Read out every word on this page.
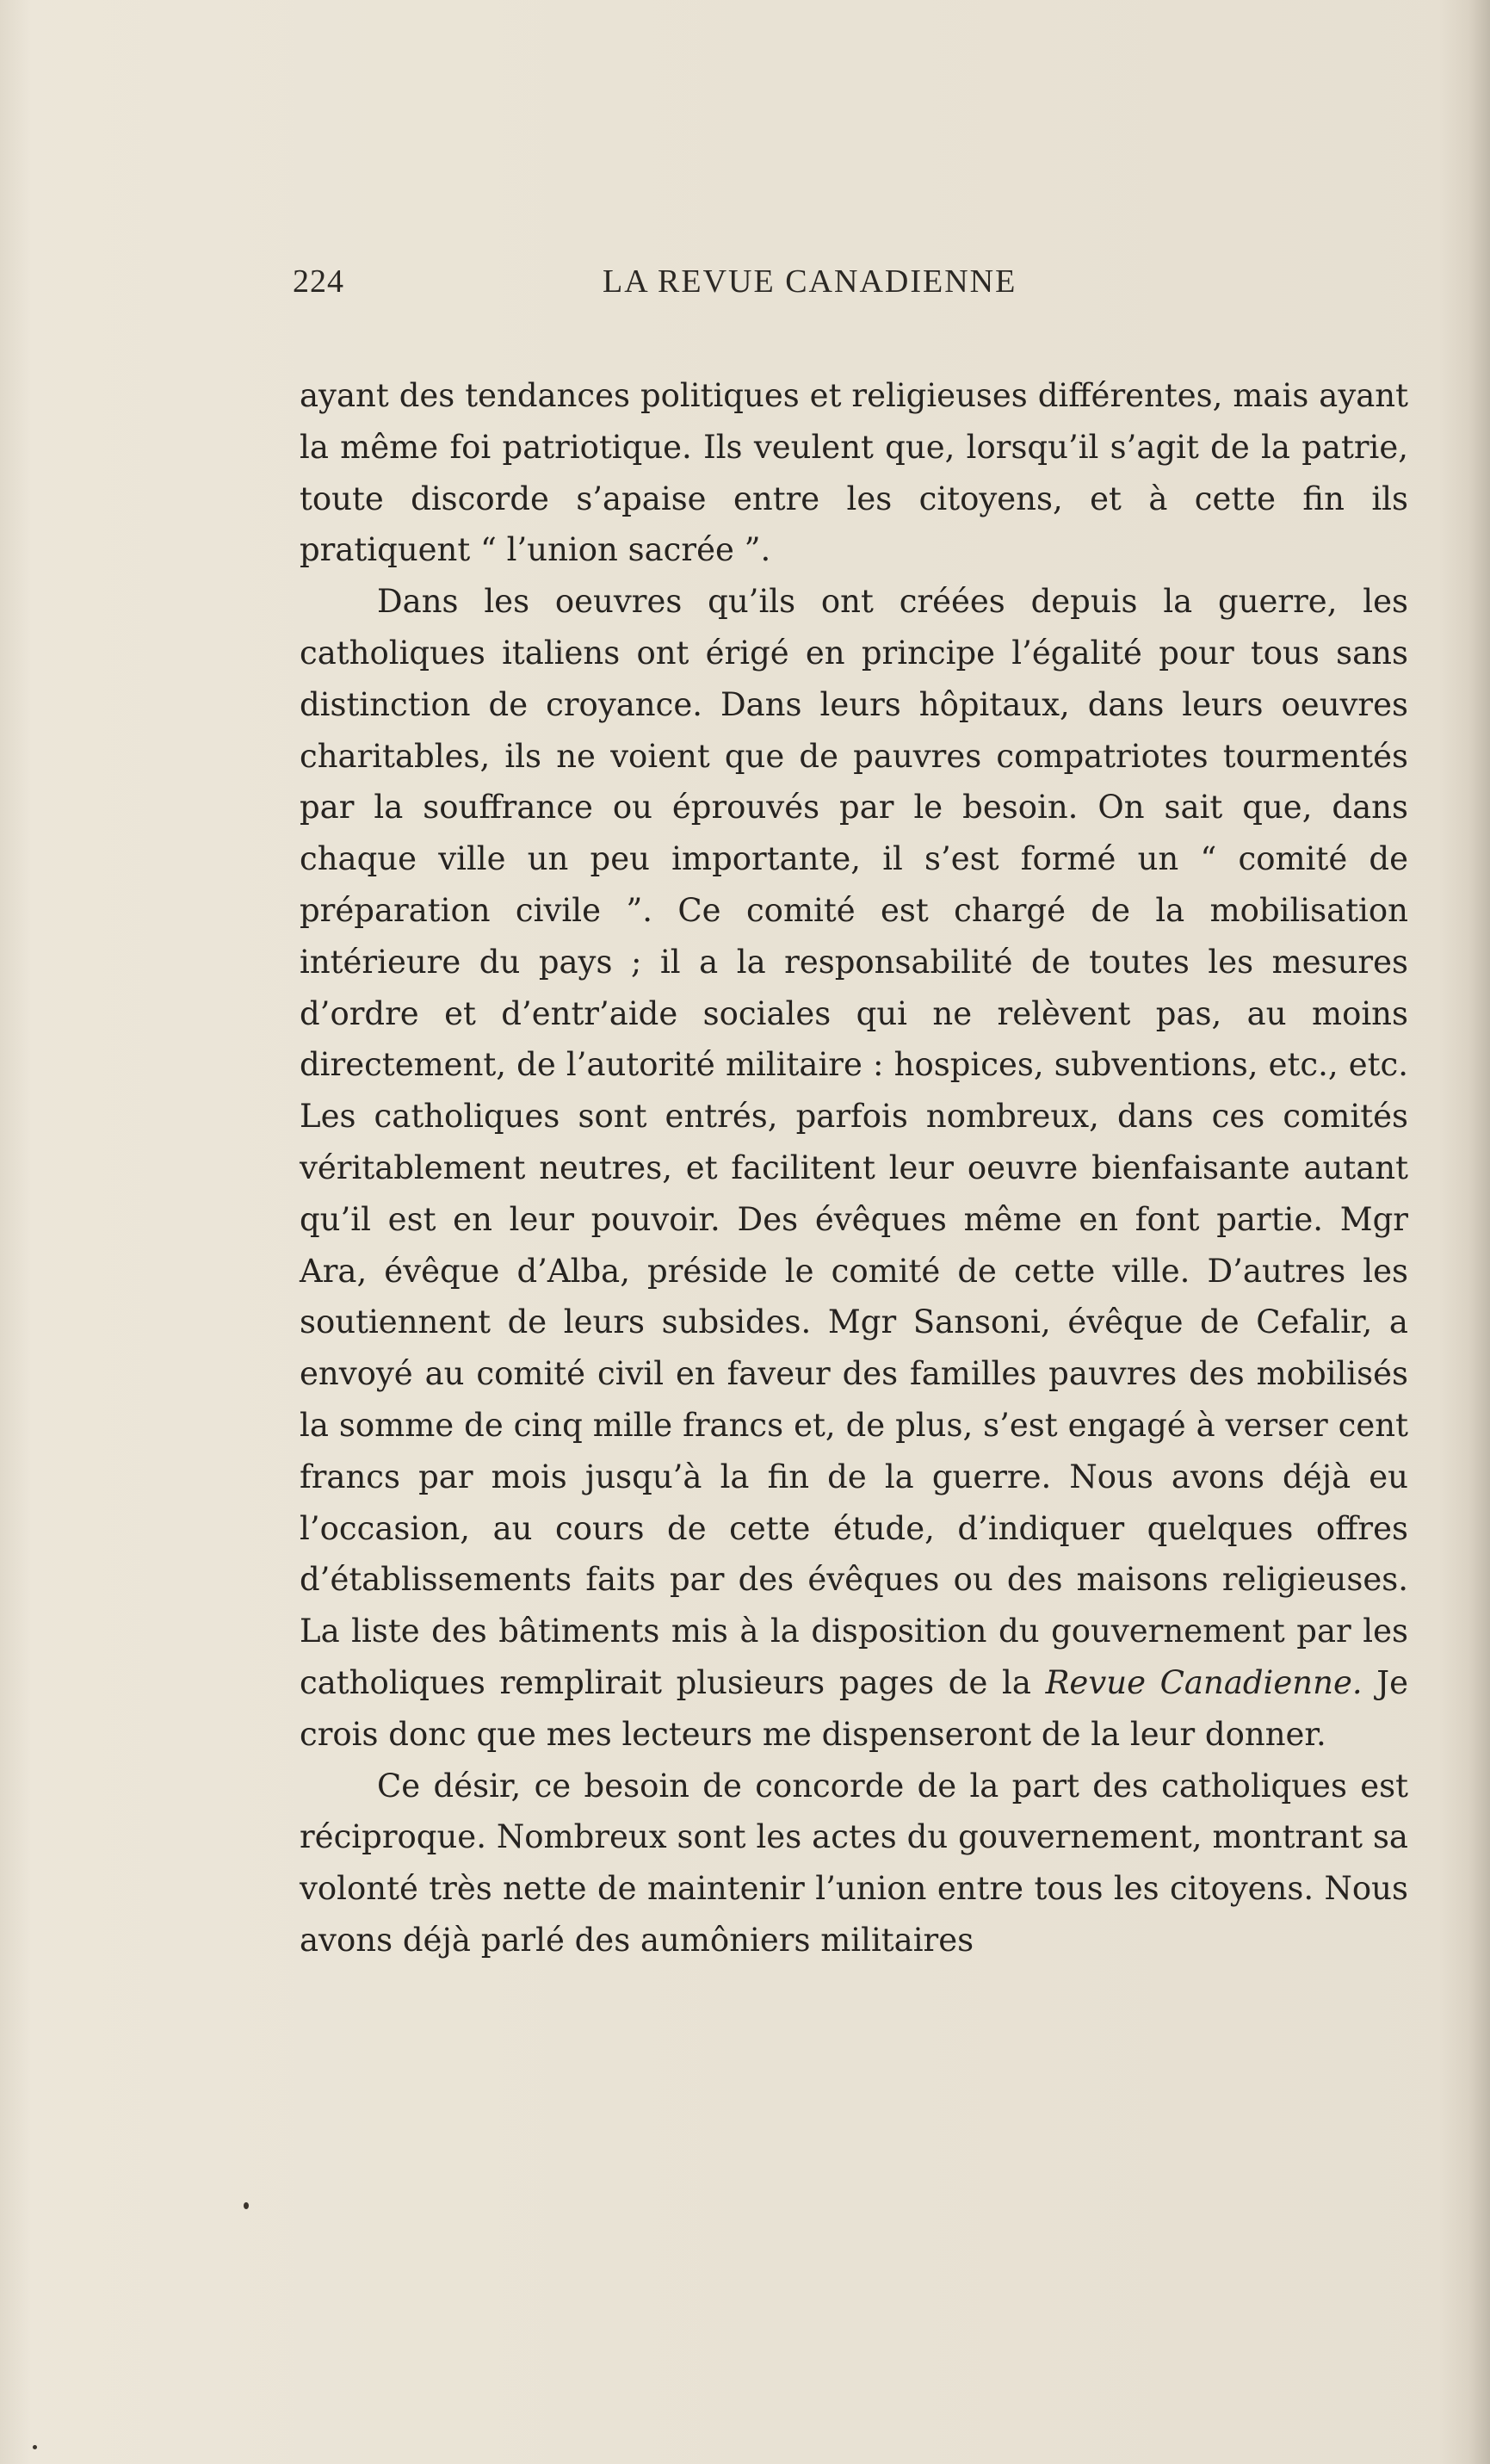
224	LA REVUE CANADIENNE

ayant des tendances politiques et religieuses différentes, mais ayant la même foi patriotique. Ils veulent que, lorsqu’il s’agit de la patrie, toute discorde s’apaise entre les citoyens, et à cette fin ils pratiquent “ l’union sacrée ”.

Dans les oeuvres qu’ils ont créées depuis la guerre, les catholiques italiens ont érigé en principe l’égalité pour tous sans distinction de croyance. Dans leurs hôpitaux, dans leurs oeuvres charitables, ils ne voient que de pauvres compatriotes tourmentés par la souffrance ou éprouvés par le besoin. On sait que, dans chaque ville un peu importante, il s’est formé un “ comité de préparation civile ”. Ce comité est chargé de la mobilisation intérieure du pays ; il a la responsabilité de toutes les mesures d’ordre et d’entr’aide sociales qui ne relèvent pas, au moins directement, de l’autorité militaire : hospices, subventions, etc., etc. Les catholiques sont entrés, parfois nombreux, dans ces comités véritablement neutres, et facilitent leur oeuvre bienfaisante autant qu’il est en leur pouvoir. Des évêques même en font partie. Mgr Ara, évêque d’Alba, préside le comité de cette ville. D’autres les soutiennent de leurs subsides. Mgr Sansoni, évêque de Cefalir, a envoyé au comité civil en faveur des familles pauvres des mobilisés la somme de cinq mille francs et, de plus, s’est engagé à verser cent francs par mois jusqu’à la fin de la guerre. Nous avons déjà eu l’occasion, au cours de cette étude, d’indiquer quelques offres d’établissements faits par des évêques ou des maisons religieuses. La liste des bâtiments mis à la disposition du gouvernement par les catholiques remplirait plusieurs pages de la Revue Canadienne. Je crois donc que mes lecteurs me dispenseront de la leur donner.

Ce désir, ce besoin de concorde de la part des catholiques est réciproque. Nombreux sont les actes du gouvernement, montrant sa volonté très nette de maintenir l’union entre tous les citoyens. Nous avons déjà parlé des aumôniers militaires
